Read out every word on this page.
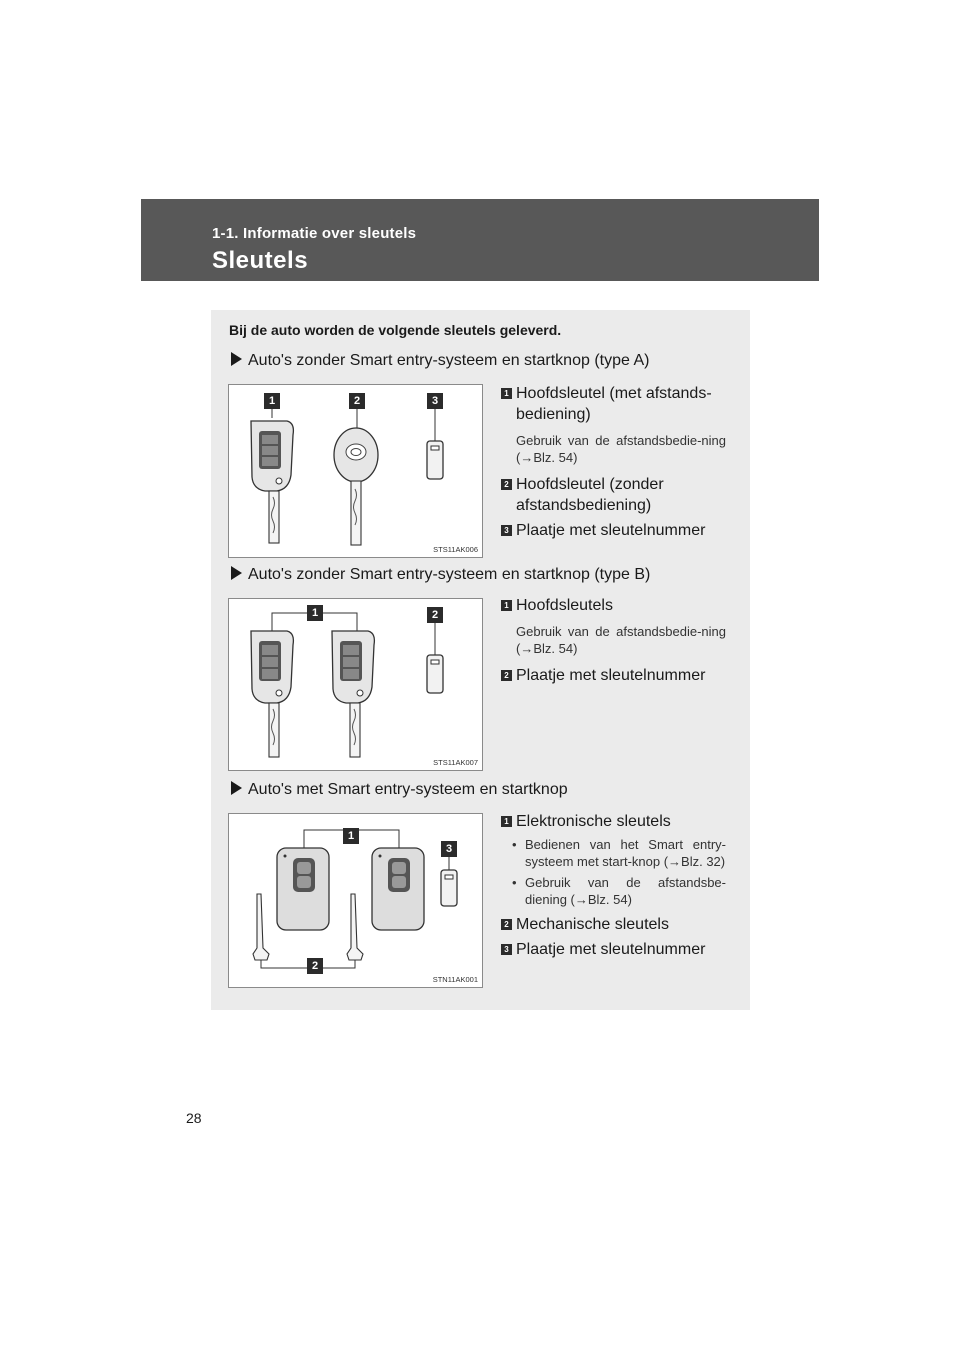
1-1. Informatie over sleutels
Sleutels
Bij de auto worden de volgende sleutels geleverd.
Auto's zonder Smart entry-systeem en startknop (type A)
1	2	3
STS11AK006
1 Hoofdsleutel (met afstands-bediening)
Gebruik van de afstandsbedie-ning (→Blz. 54)
2 Hoofdsleutel (zonder afstandsbediening)
3 Plaatje met sleutelnummer
Auto's zonder Smart entry-systeem en startknop (type B)
1	2
STS11AK007
1 Hoofdsleutels
Gebruik van de afstandsbedie-ning (→Blz. 54)
2 Plaatje met sleutelnummer
Auto's met Smart entry-systeem en startknop
1
2
3
STN11AK001
1 Elektronische sleutels
• Bedienen van het Smart entry-systeem met start-knop (→Blz. 32)
• Gebruik van de afstandsbe-diening (→Blz. 54)
2 Mechanische sleutels
3 Plaatje met sleutelnummer
28
